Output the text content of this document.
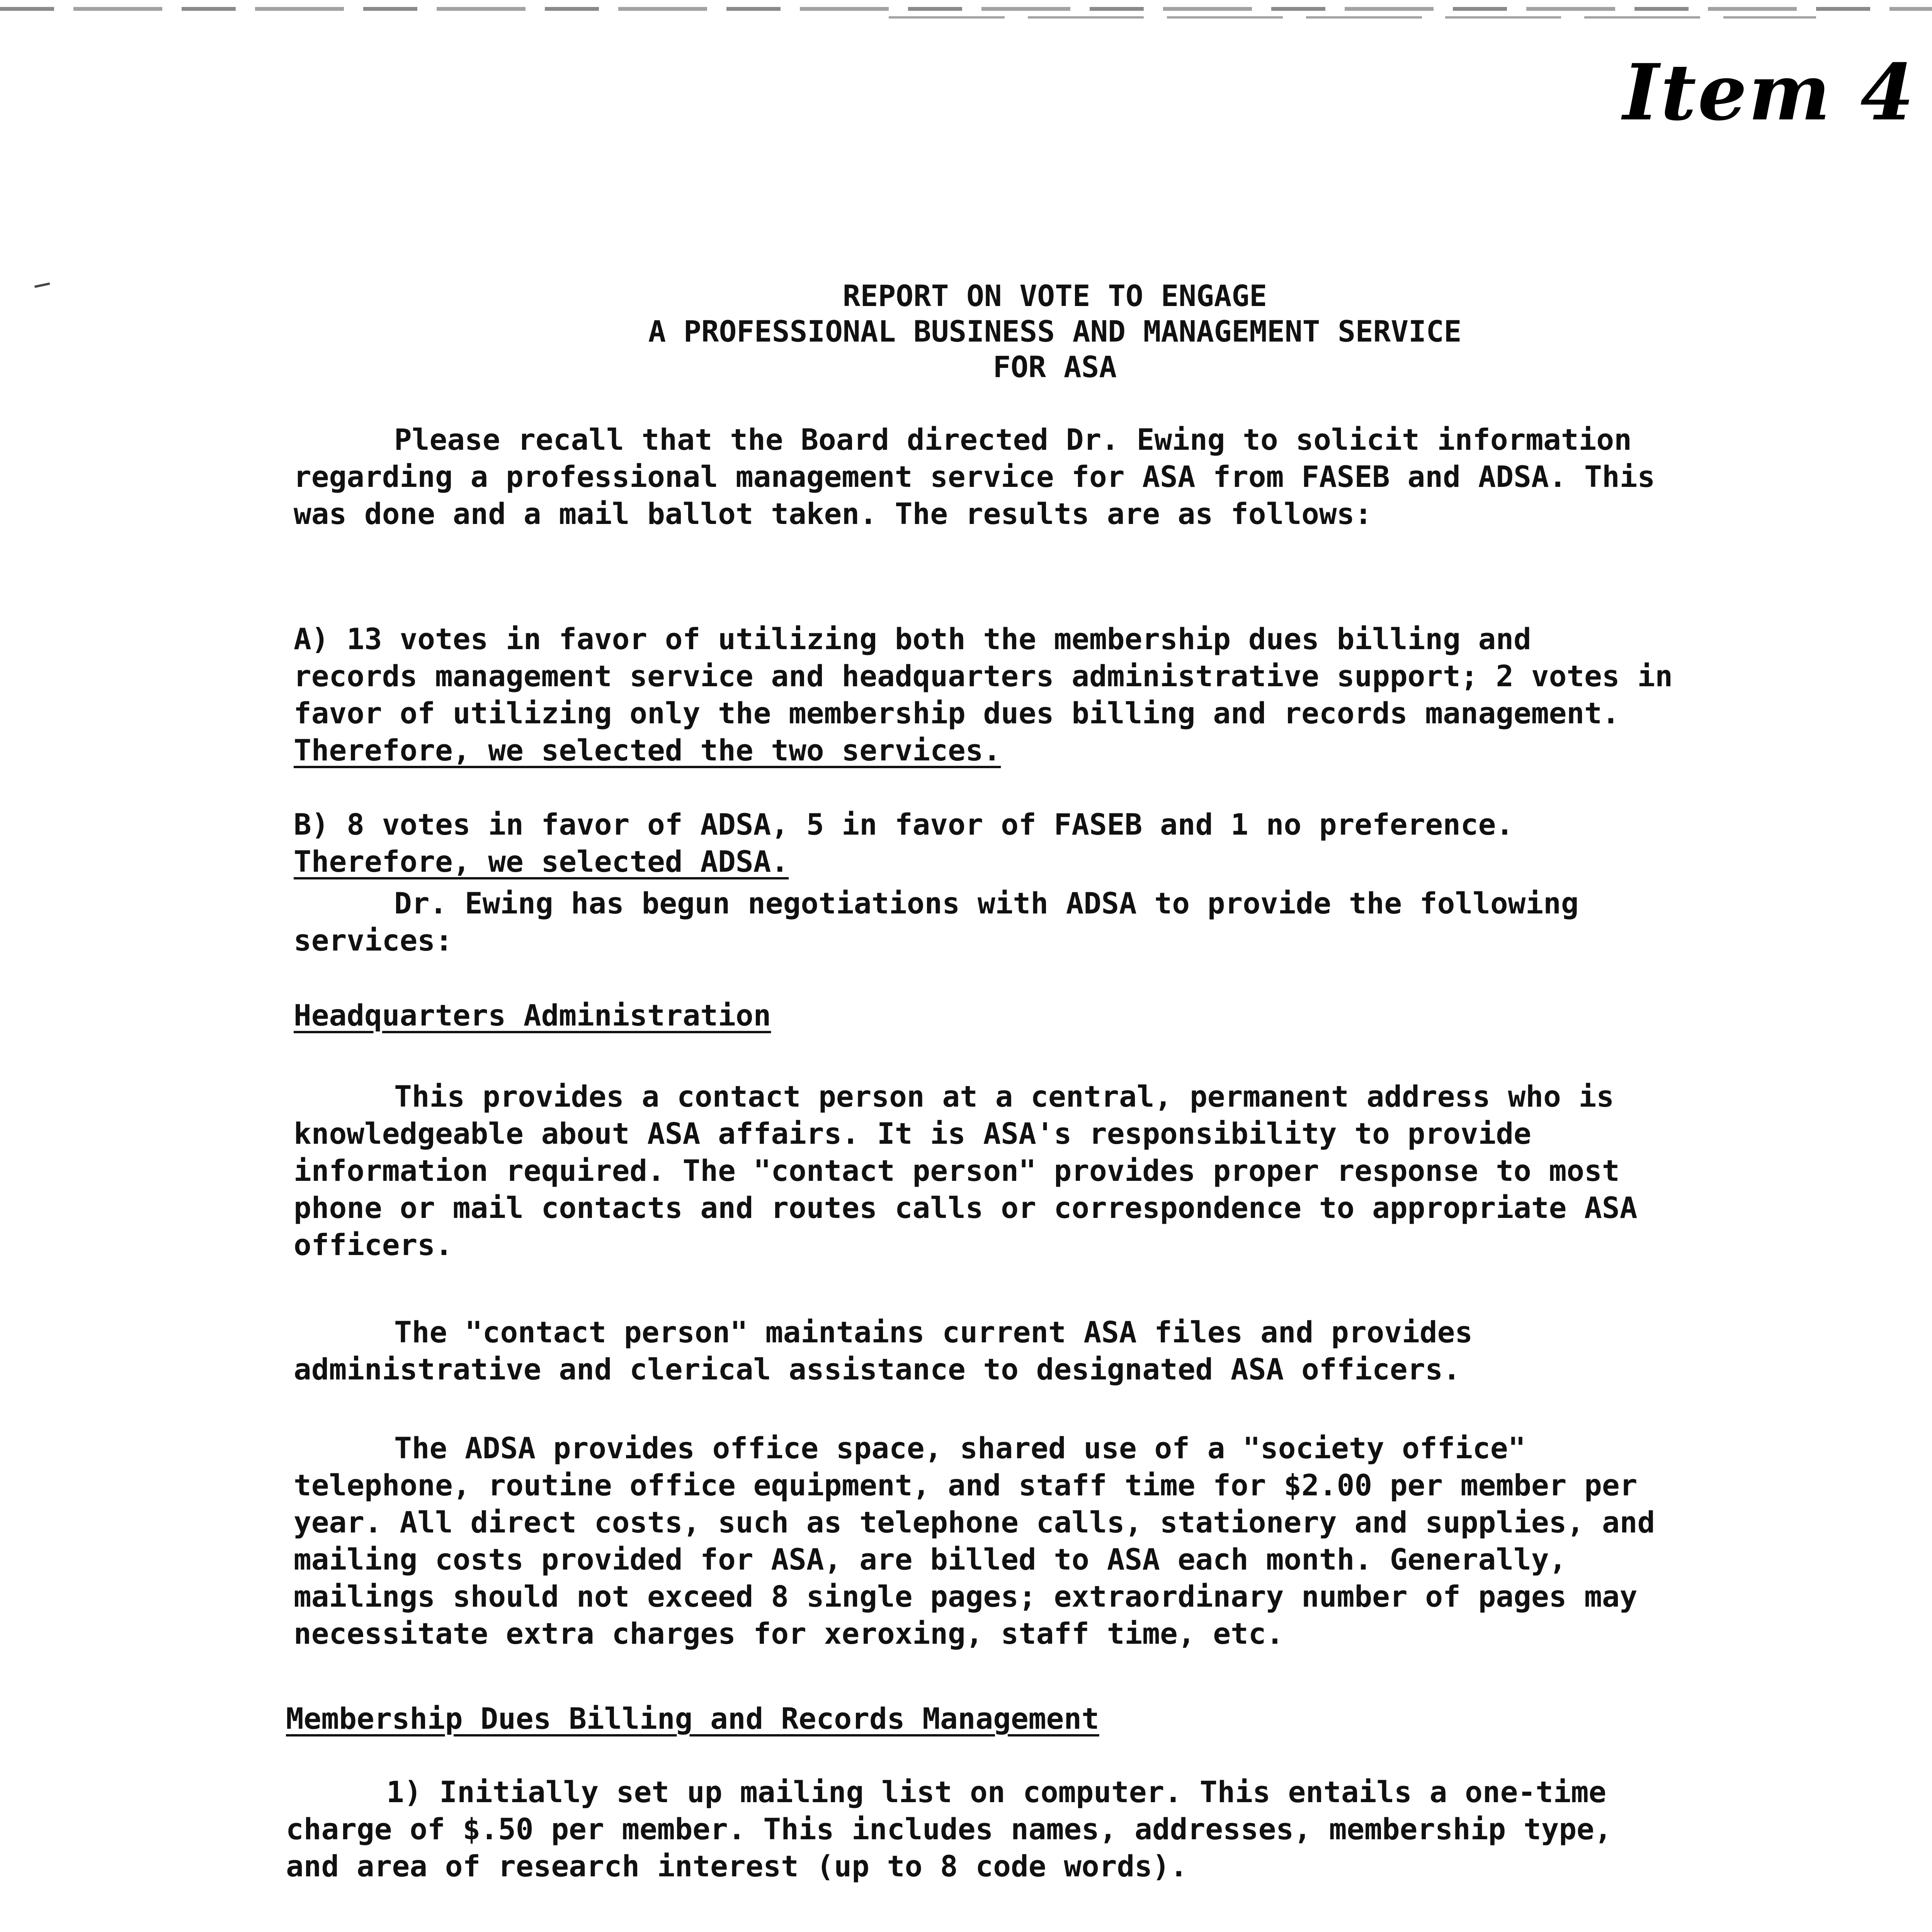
Item 4
REPORT ON VOTE TO ENGAGE
A PROFESSIONAL BUSINESS AND MANAGEMENT SERVICE
FOR ASA
Please recall that the Board directed Dr. Ewing to solicit information
regarding a professional management service for ASA from FASEB and ADSA. This
was done and a mail ballot taken. The results are as follows:

A) 13 votes in favor of utilizing both the membership dues billing and
records management service and headquarters administrative support; 2 votes in
favor of utilizing only the membership dues billing and records management.

Therefore, we selected the two services.

B) 8 votes in favor of ADSA, 5 in favor of FASEB and 1 no preference.

Therefore, we selected ADSA.

Dr. Ewing has begun negotiations with ADSA to provide the following
services:
Headquarters Administration
This provides a contact person at a central, permanent address who is
knowledgeable about ASA affairs. It is ASA's responsibility to provide
information required. The "contact person" provides proper response to most
phone or mail contacts and routes calls or correspondence to appropriate ASA
officers.
The "contact person" maintains current ASA files and provides
administrative and clerical assistance to designated ASA officers.
The ADSA provides office space, shared use of a "society office"
telephone, routine office equipment, and staff time for $2.00 per member per
year. All direct costs, such as telephone calls, stationery and supplies, and
mailing costs provided for ASA, are billed to ASA each month. Generally,
mailings should not exceed 8 single pages; extraordinary number of pages may
necessitate extra charges for xeroxing, staff time, etc.
Membership Dues Billing and Records Management
1) Initially set up mailing list on computer. This entails a one-time
charge of $.50 per member. This includes names, addresses, membership type,
and area of research interest (up to 8 code words).
